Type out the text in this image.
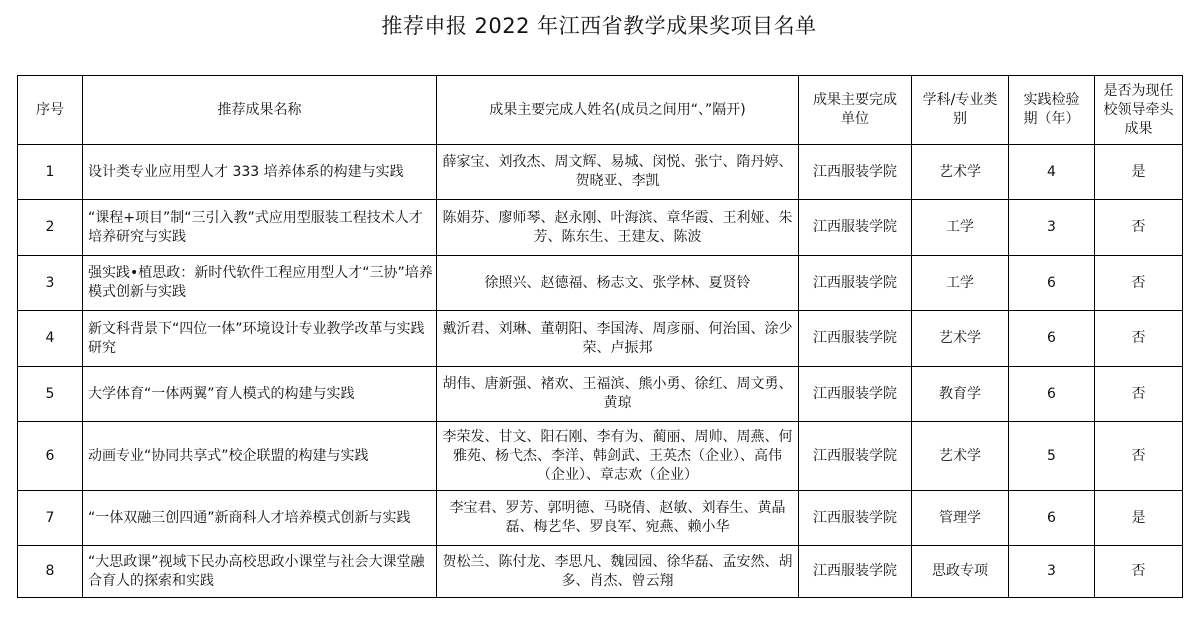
推荐申报 2022 年江西省教学成果奖项目名单
序号	推荐成果名称	成果主要完成人姓名(成员之间用“、”隔开)	成果主要完成单位	学科/专业类别	实践检验期（年）	是否为现任校领导牵头成果
1	设计类专业应用型人才 333 培养体系的构建与实践	薛家宝、刘孜杰、周文辉、易城、闵悦、张宁、隋丹婷、贺晓亚、李凯	江西服装学院	艺术学	4	是
2	“课程+项目”制“三引入教”式应用型服装工程技术人才培养研究与实践	陈娟芬、廖师琴、赵永刚、叶海滨、章华霞、王利娅、朱芳、陈东生、王建友、陈波	江西服装学院	工学	3	否
3	强实践•植思政：新时代软件工程应用型人才“三协”培养模式创新与实践	徐照兴、赵德福、杨志文、张学林、夏贤铃	江西服装学院	工学	6	否
4	新文科背景下“四位一体”环境设计专业教学改革与实践研究	戴沂君、刘琳、董朝阳、李国涛、周彦丽、何治国、涂少荣、卢振邦	江西服装学院	艺术学	6	否
5	大学体育“一体两翼”育人模式的构建与实践	胡伟、唐新强、褚欢、王福滨、熊小勇、徐红、周文勇、黄琼	江西服装学院	教育学	6	否
6	动画专业“协同共享式”校企联盟的构建与实践	李荣发、甘文、阳石刚、李有为、蔺丽、周帅、周燕、何雅苑、杨弋杰、李洋、韩剑武、王英杰（企业）、高伟（企业）、章志欢（企业）	江西服装学院	艺术学	5	否
7	“一体双融三创四通”新商科人才培养模式创新与实践	李宝君、罗芳、郭明德、马晓倩、赵敏、刘春生、黄晶磊、梅艺华、罗良军、宛燕、赖小华	江西服装学院	管理学	6	是
8	“大思政课”视域下民办高校思政小课堂与社会大课堂融合育人的探索和实践	贺松兰、陈付龙、李思凡、魏园园、徐华磊、孟安然、胡多、肖杰、曾云翔	江西服装学院	思政专项	3	否
